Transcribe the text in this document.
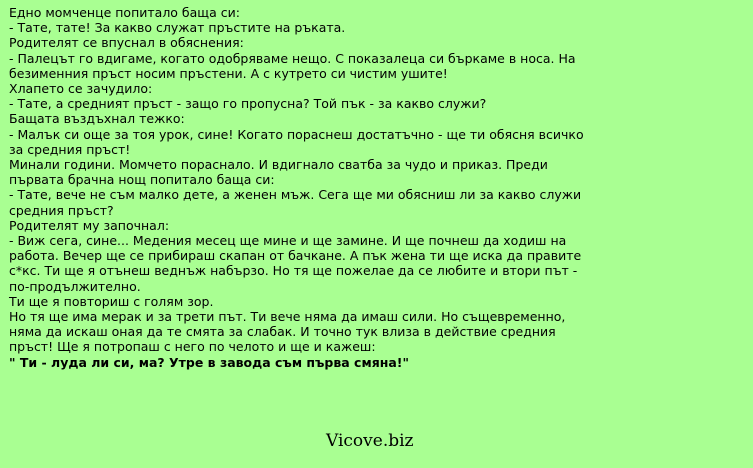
Едно момченце попитало баща си:
- Тате, тате! За какво служат пръстите на ръката.
Родителят се впуснал в обяснения:
- Палецът го вдигаме, когато одобряваме нещо. С показалеца си бъркаме в носа. На
безименния пръст носим пръстени. А с кутрето си чистим ушите!
Хлапето се зачудило:
- Тате, а средният пръст - защо го пропусна? Той пък - за какво служи?
Бащата въздъхнал тежко:
- Малък си още за тоя урок, сине! Когато пораснеш достатъчно - ще ти обясня всичко
за средния пръст!
Минали години. Момчето пораснало. И вдигнало сватба за чудо и приказ. Преди
първата брачна нощ попитало баща си:
- Тате, вече не съм малко дете, а женен мъж. Сега ще ми обясниш ли за какво служи
средния пръст?
Родителят му започнал:
- Виж сега, сине... Медения месец ще мине и ще замине. И ще почнеш да ходиш на
работа. Вечер ще се прибираш скапан от бачкане. А пък жена ти ще иска да правите
с*кс. Ти ще я отънеш веднъж набързо. Но тя ще пожелае да се любите и втори път -
по-продължително.
Ти ще я повториш с голям зор.
Но тя ще има мерак и за трети път. Ти вече няма да имаш сили. Но същевременно,
няма да искаш оная да те смята за слабак. И точно тук влиза в действие средния
пръст! Ще я потропаш с него по челото и ще и кажеш:
" Ти - луда ли си, ма? Утре в завода съм първа смяна!"
Vicove.biz
